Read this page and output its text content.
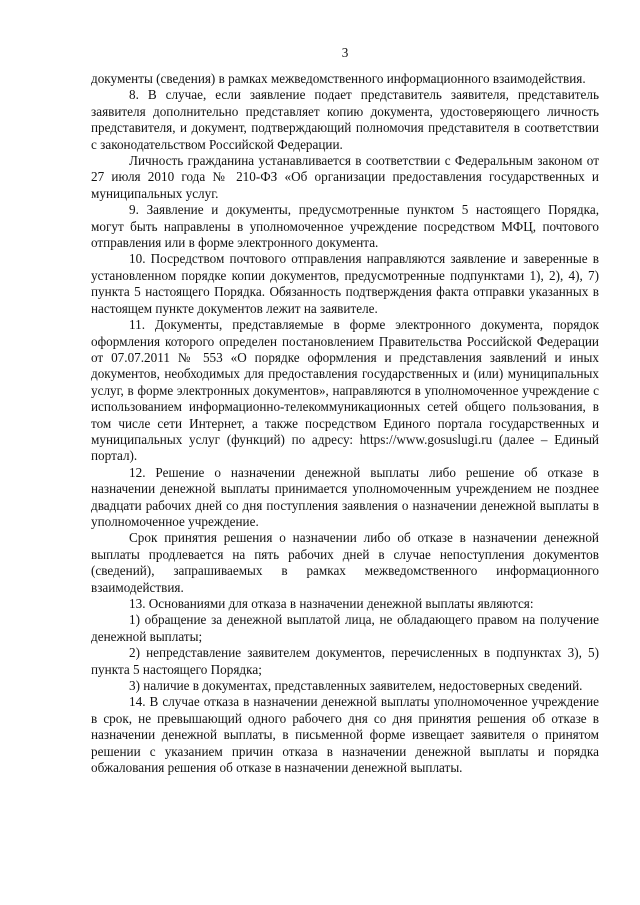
3

документы (сведения) в рамках межведомственного информационного взаимодействия.

8. В случае, если заявление подает представитель заявителя, представитель заявителя дополнительно представляет копию документа, удостоверяющего личность представителя, и документ, подтверждающий полномочия представителя в соответствии с законодательством Российской Федерации.

Личность гражданина устанавливается в соответствии с Федеральным законом от 27 июля 2010 года № 210-ФЗ «Об организации предоставления государственных и муниципальных услуг.

9. Заявление и документы, предусмотренные пунктом 5 настоящего Порядка, могут быть направлены в уполномоченное учреждение посредством МФЦ, почтового отправления или в форме электронного документа.

10. Посредством почтового отправления направляются заявление и заверенные в установленном порядке копии документов, предусмотренные подпунктами 1), 2), 4), 7) пункта 5 настоящего Порядка. Обязанность подтверждения факта отправки указанных в настоящем пункте документов лежит на заявителе.

11. Документы, представляемые в форме электронного документа, порядок оформления которого определен постановлением Правительства Российской Федерации от 07.07.2011 № 553 «О порядке оформления и представления заявлений и иных документов, необходимых для предоставления государственных и (или) муниципальных услуг, в форме электронных документов», направляются в уполномоченное учреждение с использованием информационно-телекоммуникационных сетей общего пользования, в том числе сети Интернет, а также посредством Единого портала государственных и муниципальных услуг (функций) по адресу: https://www.gosuslugi.ru (далее – Единый портал).

12. Решение о назначении денежной выплаты либо решение об отказе в назначении денежной выплаты принимается уполномоченным учреждением не позднее двадцати рабочих дней со дня поступления заявления о назначении денежной выплаты в уполномоченное учреждение.

Срок принятия решения о назначении либо об отказе в назначении денежной выплаты продлевается на пять рабочих дней в случае непоступления документов (сведений), запрашиваемых в рамках межведомственного информационного взаимодействия.

13. Основаниями для отказа в назначении денежной выплаты являются:

1) обращение за денежной выплатой лица, не обладающего правом на получение денежной выплаты;

2) непредставление заявителем документов, перечисленных в подпунктах 3), 5) пункта 5 настоящего Порядка;

3) наличие в документах, представленных заявителем, недостоверных сведений.

14. В случае отказа в назначении денежной выплаты уполномоченное учреждение в срок, не превышающий одного рабочего дня со дня принятия решения об отказе в назначении денежной выплаты, в письменной форме извещает заявителя о принятом решении с указанием причин отказа в назначении денежной выплаты и порядка обжалования решения об отказе в назначении денежной выплаты.
